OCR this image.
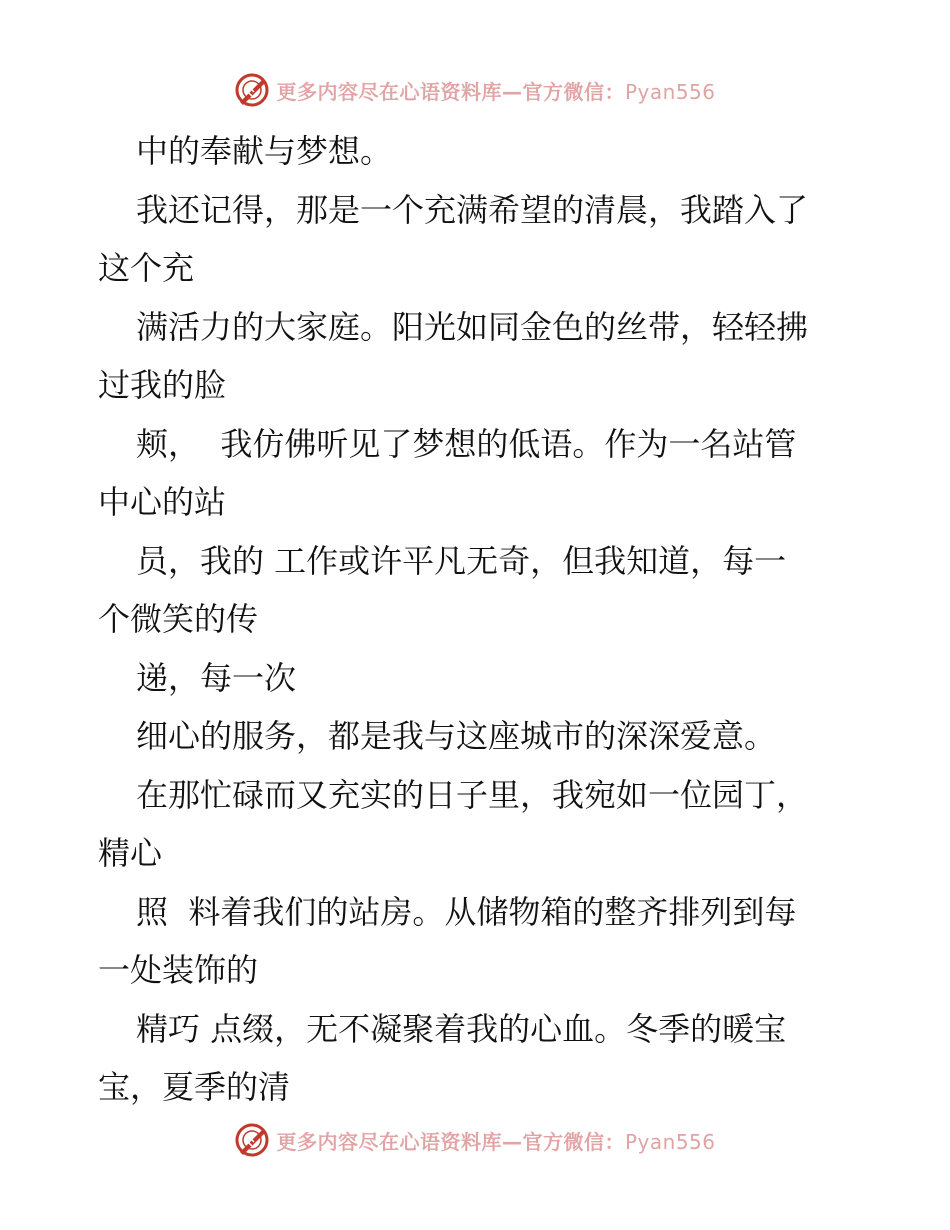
更多内容尽在心语资料库—官方微信：Pyan556
中的奉献与梦想。
我还记得，那是一个充满希望的清晨，我踏入了
这个充
满活力的大家庭。阳光如同金色的丝带，轻轻拂
过我的脸
颊，  我仿佛听见了梦想的低语。作为一名站管
中心的站
员，我的 工作或许平凡无奇，但我知道，每一
个微笑的传
递，每一次
细心的服务，都是我与这座城市的深深爱意。
在那忙碌而又充实的日子里，我宛如一位园丁，
精心
照  料着我们的站房。从储物箱的整齐排列到每
一处装饰的
精巧 点缀，无不凝聚着我的心血。冬季的暖宝
宝，夏季的清
更多内容尽在心语资料库—官方微信：Pyan556
